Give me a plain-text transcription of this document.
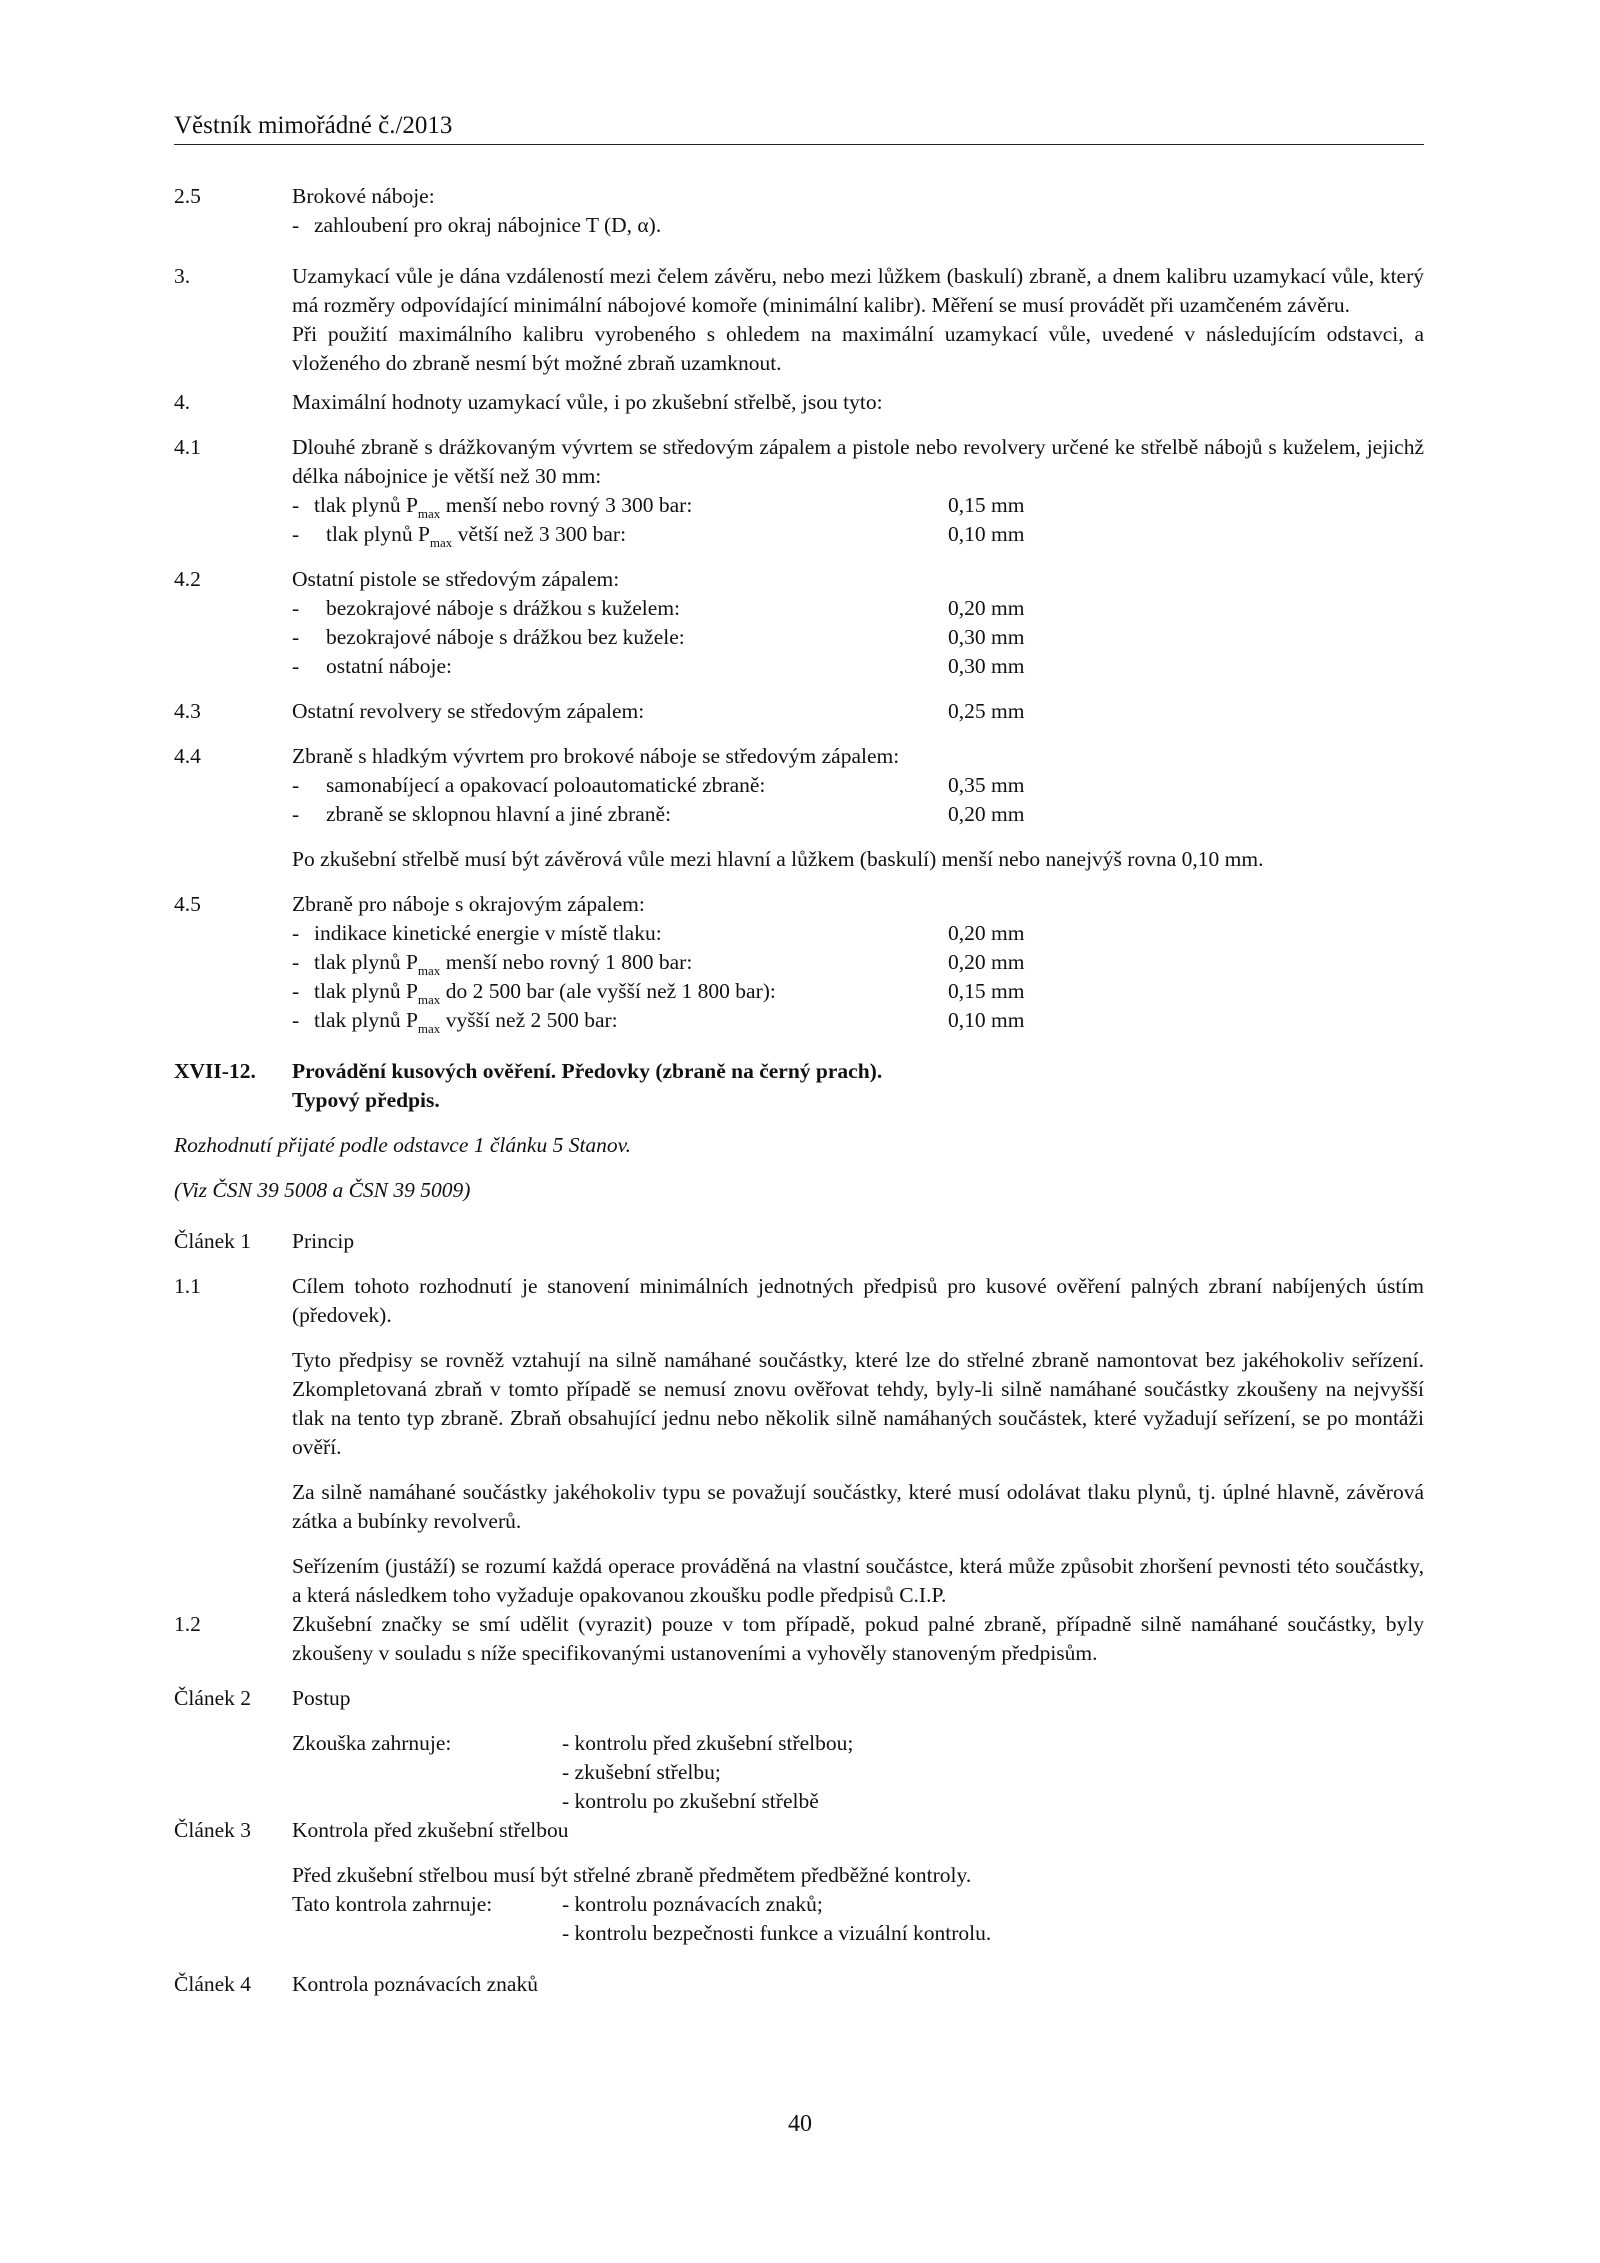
Věstník mimořádné č./2013
2.5	Brokové náboje:
- zahloubení pro okraj nábojnice T (D, α).
3.	Uzamykací vůle je dána vzdáleností mezi čelem závěru, nebo mezi lůžkem (baskulí) zbraně, a dnem kalibru uzamykací vůle, který má rozměry odpovídající minimální nábojové komoře (minimální kalibr). Měření se musí provádět při uzamčeném závěru.
Při použití maximálního kalibru vyrobeného s ohledem na maximální uzamykací vůle, uvedené v následujícím odstavci, a vloženého do zbraně nesmí být možné zbraň uzamknout.
4.	Maximální hodnoty uzamykací vůle, i po zkušební střelbě, jsou tyto:
4.1	Dlouhé zbraně s drážkovaným vývrtem se středovým zápalem a pistole nebo revolvery určené ke střelbě nábojů s kuželem, jejichž délka nábojnice je větší než 30 mm:
- tlak plynů $P_{max}$ menší nebo rovný 3 300 bar:	0,15 mm
- tlak plynů $P_{max}$ větší než 3 300 bar:	0,10 mm
4.2	Ostatní pistole se středovým zápalem:
- bezokrajové náboje s drážkou s kuželem:	0,20 mm
- bezokrajové náboje s drážkou bez kužele:	0,30 mm
- ostatní náboje:	0,30 mm
4.3	Ostatní revolvery se středovým zápalem:	0,25 mm
4.4	Zbraně s hladkým vývrtem pro brokové náboje se středovým zápalem:
- samonabíjecí a opakovací poloautomatické zbraně:	0,35 mm
- zbraně se sklopnou hlavní a jiné zbraně:	0,20 mm
Po zkušební střelbě musí být závěrová vůle mezi hlavní a lůžkem (baskulí) menší nebo nanejvýš rovna 0,10 mm.
4.5	Zbraně pro náboje s okrajovým zápalem:
- indikace kinetické energie v místě tlaku:	0,20 mm
- tlak plynů $P_{max}$ menší nebo rovný 1 800 bar:	0,20 mm
- tlak plynů $P_{max}$ do 2 500 bar (ale vyšší než 1 800 bar):	0,15 mm
- tlak plynů $P_{max}$ vyšší než 2 500 bar:	0,10 mm
XVII-12.	Provádění kusových ověření. Předovky (zbraně na černý prach).
Typový předpis.
Rozhodnutí přijaté podle odstavce 1 článku 5 Stanov.
(Viz ČSN 39 5008 a ČSN 39 5009)
Článek 1	Princip
1.1	Cílem tohoto rozhodnutí je stanovení minimálních jednotných předpisů pro kusové ověření palných zbraní nabíjených ústím (předovek).
Tyto předpisy se rovněž vztahují na silně namáhané součástky, které lze do střelné zbraně namontovat bez jakéhokoliv seřízení. Zkompletovaná zbraň v tomto případě se nemusí znovu ověřovat tehdy, byly-li silně namáhané součástky zkoušeny na nejvyšší tlak na tento typ zbraně. Zbraň obsahující jednu nebo několik silně namáhaných součástek, které vyžadují seřízení, se po montáži ověří.
Za silně namáhané součástky jakéhokoliv typu se považují součástky, které musí odolávat tlaku plynů, tj. úplné hlavně, závěrová zátka a bubínky revolverů.
Seřízením (justáží) se rozumí každá operace prováděná na vlastní součástce, která může způsobit zhoršení pevnosti této součástky, a která následkem toho vyžaduje opakovanou zkoušku podle předpisů C.I.P.
1.2	Zkušební značky se smí udělit (vyrazit) pouze v tom případě, pokud palné zbraně, případně silně namáhané součástky, byly zkoušeny v souladu s níže specifikovanými ustanoveními a vyhověly stanoveným předpisům.
Článek 2	Postup
Zkouška zahrnuje:	- kontrolu před zkušební střelbou;
- zkušební střelbu;
- kontrolu po zkušební střelbě
Článek 3	Kontrola před zkušební střelbou
Před zkušební střelbou musí být střelné zbraně předmětem předběžné kontroly.
Tato kontrola zahrnuje:	- kontrolu poznávacích znaků;
- kontrolu bezpečnosti funkce a vizuální kontrolu.
Článek 4	Kontrola poznávacích znaků
40
